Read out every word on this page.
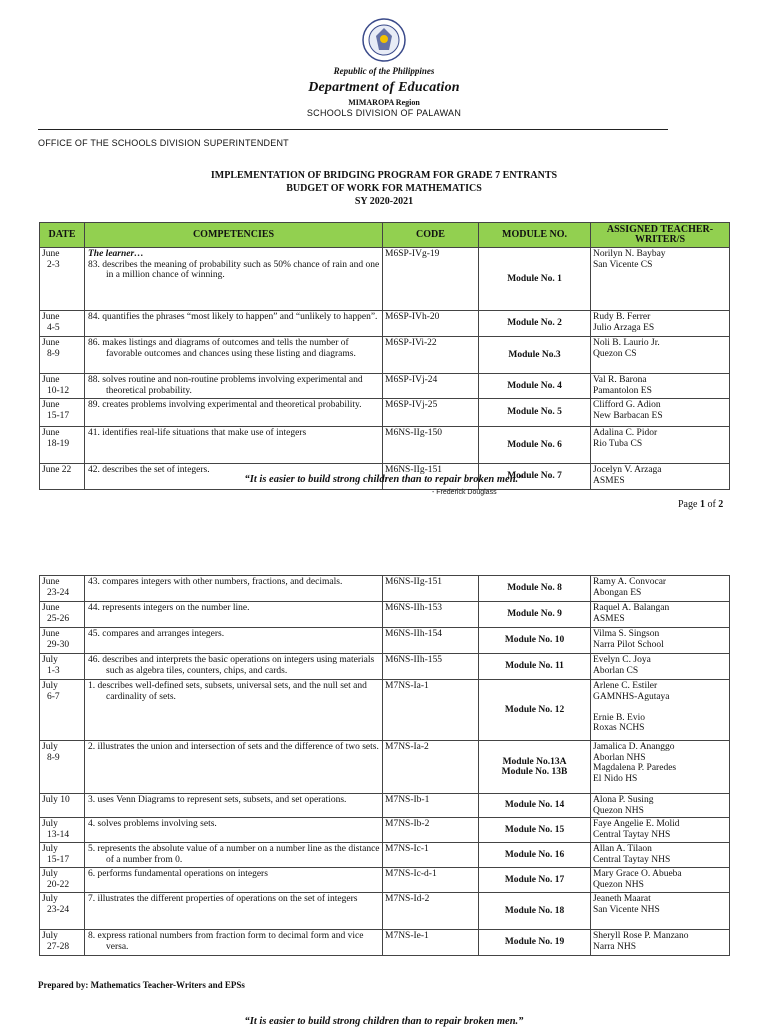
Republic of the Philippines
Department of Education
MIMAROPA Region
SCHOOLS DIVISION OF PALAWAN
OFFICE OF THE SCHOOLS DIVISION SUPERINTENDENT
IMPLEMENTATION OF BRIDGING PROGRAM FOR GRADE 7 ENTRANTS
BUDGET OF WORK FOR MATHEMATICS
SY 2020-2021
DATE	COMPETENCIES	CODE	MODULE NO.	ASSIGNED TEACHER-WRITER/S

June
2-3	The learner…
83. describes the meaning of probability such as 50% chance of rain and one in a million chance of winning.	M6SP-IVg-19	Module No. 1	Norilyn N. Baybay
San Vicente CS

June
4-5	84. quantifies the phrases “most likely to happen” and “unlikely to happen”.	M6SP-IVh-20	Module No. 2	Rudy B. Ferrer
Julio Arzaga ES

June
8-9	86. makes listings and diagrams of outcomes and tells the number of favorable outcomes and chances using these listing and diagrams.	M6SP-IVi-22	Module No.3	Noli B. Laurio Jr.
Quezon CS

June
10-12	88. solves routine and non-routine problems involving experimental and theoretical probability.	M6SP-IVj-24	Module No. 4	Val R. Barona
Pamantolon ES

June
15-17	89. creates problems involving experimental and theoretical probability.	M6SP-IVj-25	Module No. 5	Clifford G. Adion
New Barbacan ES

June
18-19	41. identifies real-life situations that make use of integers	M6NS-IIg-150	Module No. 6	Adalina C. Pidor
Rio Tuba CS

June 22	42. describes the set of integers.	M6NS-IIg-151	Module No. 7	Jocelyn V. Arzaga
ASMES
“It is easier to build strong children than to repair broken men.”
- Frederick Douglass
Page 1 of 2
June
23-24	43. compares integers with other numbers, fractions, and decimals.	M6NS-IIg-151	Module No. 8	Ramy A. Convocar
Abongan ES

June
25-26	44. represents integers on the number line.	M6NS-IIh-153	Module No. 9	Raquel A. Balangan
ASMES

June
29-30	45. compares and arranges integers.	M6NS-IIh-154	Module No. 10	Vilma S. Singson
Narra Pilot School

July
1-3	46. describes and interprets the basic operations on integers using materials such as algebra tiles, counters, chips, and cards.	M6NS-IIh-155	Module No. 11	Evelyn C. Joya
Aborlan CS

July
6-7	1. describes well-defined sets, subsets, universal sets, and the null set and cardinality of sets.	M7NS-Ia-1	Module No. 12	Arlene C. Estiler
GAMNHS-Agutaya
Ernie B. Evio
Roxas NCHS

July
8-9	2. illustrates the union and intersection of sets and the difference of two sets.	M7NS-Ia-2	Module No.13A
Module No. 13B	Jamalica D. Ananggo
Aborlan NHS
Magdalena P. Paredes
El Nido HS

July 10	3. uses Venn Diagrams to represent sets, subsets, and set operations.	M7NS-Ib-1	Module No. 14	Alona P. Susing
Quezon NHS

July
13-14	4. solves problems involving sets.	M7NS-Ib-2	Module No. 15	Faye Angelie E. Molid
Central Taytay NHS

July
15-17	5. represents the absolute value of a number on a number line as the distance of a number from 0.	M7NS-Ic-1	Module No. 16	Allan A. Tilaon
Central Taytay NHS

July
20-22	6. performs fundamental operations on integers	M7NS-Ic-d-1	Module No. 17	Mary Grace O. Abueba
Quezon NHS

July
23-24	7. illustrates the different properties of operations on the set of integers	M7NS-Id-2	Module No. 18	Jeaneth Maarat
San Vicente NHS

July
27-28	8. express rational numbers from fraction form to decimal form and vice versa.	M7NS-Ie-1	Module No. 19	Sheryll Rose P. Manzano
Narra NHS
Prepared by: Mathematics Teacher-Writers and EPSs
“It is easier to build strong children than to repair broken men.”
